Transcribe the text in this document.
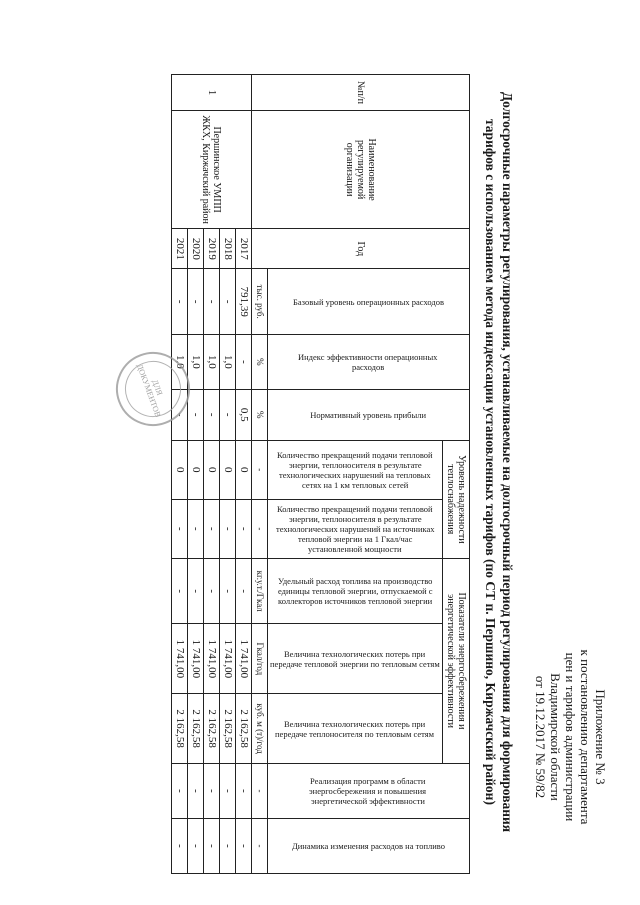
Приложение № 3
к постановлению департамента
цен и тарифов администрации
Владимирской области
от 19.12.2017 № 59/82
Долгосрочные параметры регулирования, устанавливаемые на долгосрочный период регулирования для формирования тарифов с использованием метода индексации установленных тарифов (по СТ п. Першино, Киржачский район)
№п/п	Наименование регулируемой организации	Год	Базовый уровень операционных расходов	Индекс эффективности операционных расходов	Нормативный уровень прибыли	Уровень надежности теплоснабжения		Показатели энергосбережения и энергетической эффективности			Реализация программ в области энергосбережения и повышения энергетической эффективности	Динамика изменения расходов на топливо

						Количество прекращений подачи тепловой энергии, теплоносителя в результате технологических нарушений на тепловых сетях на 1 км тепловых сетей	Количество прекращений подачи тепловой энергии, теплоносителя в результате технологических нарушений на источниках тепловой энергии на 1 Гкал/час установленной мощности	Удельный расход топлива на производство единицы тепловой энергии, отпускаемой с коллекторов источников тепловой энергии	Величина технологических потерь при передаче тепловой энергии по тепловым сетям	Величина технологических потерь при передаче теплоносителя по тепловым сетям		

			тыс. руб.	%	%	-	-	кг.у.т./Гкал	Гкал/год	куб. м (т)/год	-	-
1	Першинское УМПП ЖКХ, Киржачский район	2017	791,39	-	0,5	0	-	-	1 741,00	2 162,58	-	-
		2018	-	1,0	-	0	-	-	1 741,00	2 162,58	-	-
		2019	-	1,0	-	0	-	-	1 741,00	2 162,58	-	-
		2020	-	1,0	-	0	-	-	1 741,00	2 162,58	-	-
		2021	-	1,0	-	0	-	-	1 741,00	2 162,58	-	-
ДЛЯ ДОКУМЕНТОВ
